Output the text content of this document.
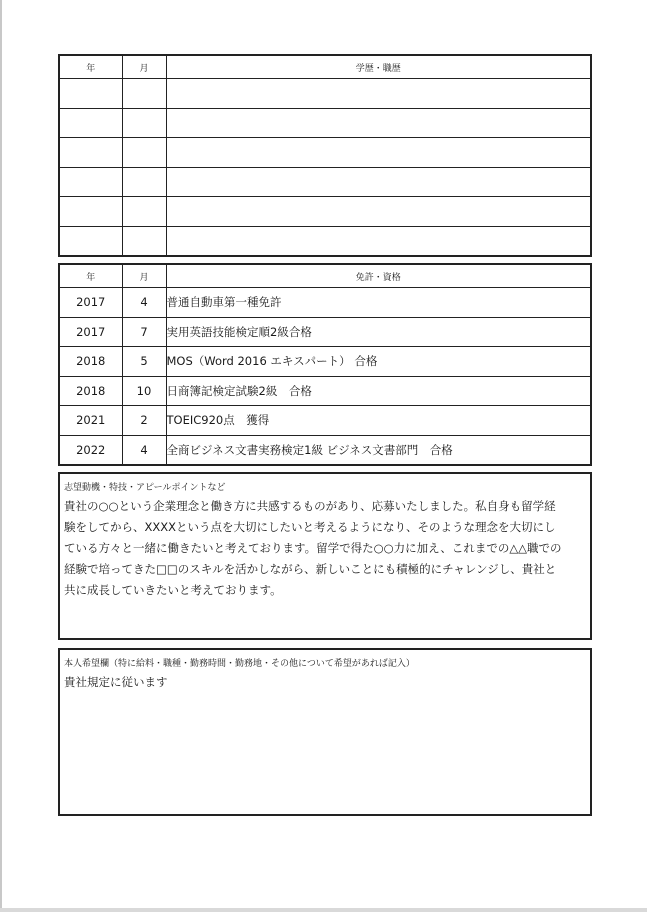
年	月	学歴・職歴

年	月	免許・資格
2017	4	普通自動車第一種免許
2017	7	実用英語技能検定順2級合格
2018	5	MOS（Word 2016 エキスパート） 合格
2018	10	日商簿記検定試験2級　合格
2021	2	TOEIC920点　獲得
2022	4	全商ビジネス文書実務検定1級 ビジネス文書部門　合格
志望動機・特技・アピールポイントなど
貴社の○○という企業理念と働き方に共感するものがあり、応募いたしました。私自身も留学経
験をしてから、XXXXという点を大切にしたいと考えるようになり、そのような理念を大切にし
ている方々と一緒に働きたいと考えております。留学で得た○○力に加え、これまでの△△職での
経験で培ってきた□□のスキルを活かしながら、新しいことにも積極的にチャレンジし、貴社と
共に成長していきたいと考えております。
本人希望欄（特に給料・職種・勤務時間・勤務地・その他について希望があれば記入）
貴社規定に従います
